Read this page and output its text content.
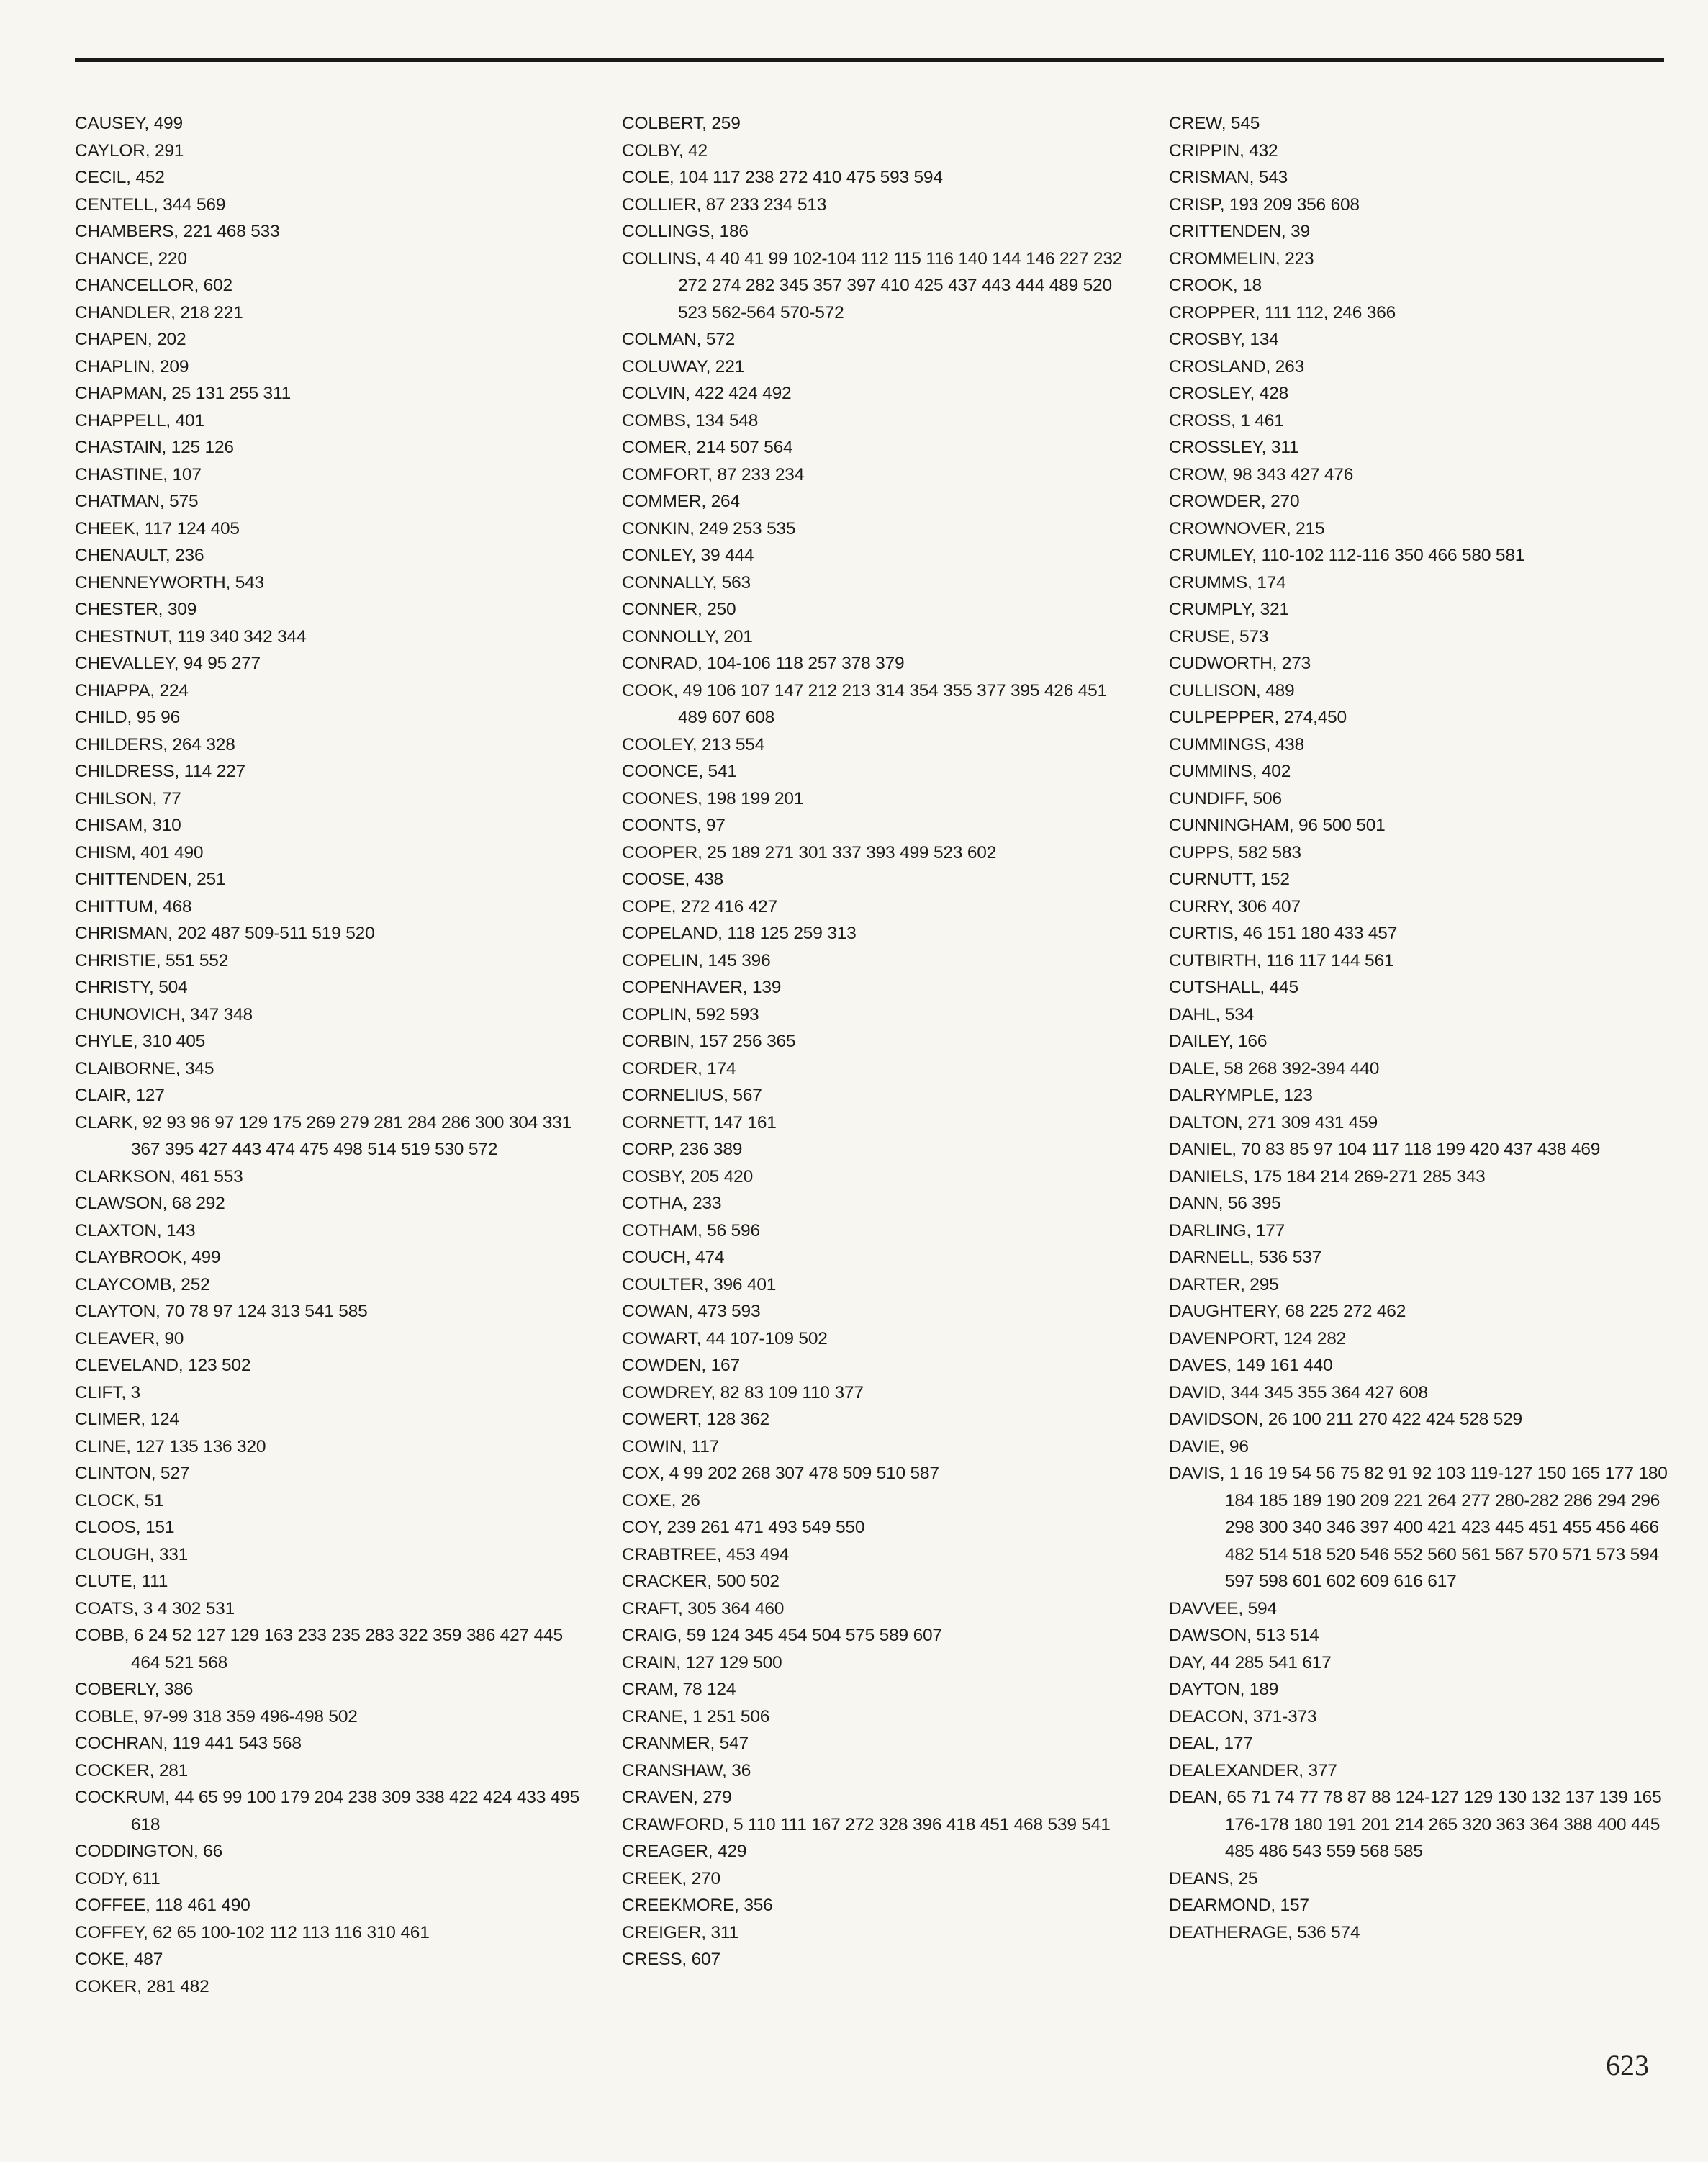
CAUSEY, 499
CAYLOR, 291
CECIL, 452
CENTELL, 344 569
CHAMBERS, 221 468 533
CHANCE, 220
CHANCELLOR, 602
CHANDLER, 218 221
CHAPEN, 202
CHAPLIN, 209
CHAPMAN, 25 131 255 311
CHAPPELL, 401
CHASTAIN, 125 126
CHASTINE, 107
CHATMAN, 575
CHEEK, 117 124 405
CHENAULT, 236
CHENNEYWORTH, 543
CHESTER, 309
CHESTNUT, 119 340 342 344
CHEVALLEY, 94 95 277
CHIAPPA, 224
CHILD, 95 96
CHILDERS, 264 328
CHILDRESS, 114 227
CHILSON, 77
CHISAM, 310
CHISM, 401 490
CHITTENDEN, 251
CHITTUM, 468
CHRISMAN, 202 487 509-511 519 520
CHRISTIE, 551 552
CHRISTY, 504
CHUNOVICH, 347 348
CHYLE, 310 405
CLAIBORNE, 345
CLAIR, 127
CLARK, 92 93 96 97 129 175 269 279 281 284 286 300 304 331 367 395 427 443 474 475 498 514 519 530 572
CLARKSON, 461 553
CLAWSON, 68 292
CLAXTON, 143
CLAYBROOK, 499
CLAYCOMB, 252
CLAYTON, 70 78 97 124 313 541 585
CLEAVER, 90
CLEVELAND, 123 502
CLIFT, 3
CLIMER, 124
CLINE, 127 135 136 320
CLINTON, 527
CLOCK, 51
CLOOS, 151
CLOUGH, 331
CLUTE, 111
COATS, 3 4 302 531
COBB, 6 24 52 127 129 163 233 235 283 322 359 386 427 445 464 521 568
COBERLY, 386
COBLE, 97-99 318 359 496-498 502
COCHRAN, 119 441 543 568
COCKER, 281
COCKRUM, 44 65 99 100 179 204 238 309 338 422 424 433 495 618
CODDINGTON, 66
CODY, 611
COFFEE, 118 461 490
COFFEY, 62 65 100-102 112 113 116 310 461
COKE, 487
COKER, 281 482
COLBERT, 259
COLBY, 42
COLE, 104 117 238 272 410 475 593 594
COLLIER, 87 233 234 513
COLLINGS, 186
COLLINS, 4 40 41 99 102-104 112 115 116 140 144 146 227 232 272 274 282 345 357 397 410 425 437 443 444 489 520 523 562-564 570-572
COLMAN, 572
COLUWAY, 221
COLVIN, 422 424 492
COMBS, 134 548
COMER, 214 507 564
COMFORT, 87 233 234
COMMER, 264
CONKIN, 249 253 535
CONLEY, 39 444
CONNALLY, 563
CONNER, 250
CONNOLLY, 201
CONRAD, 104-106 118 257 378 379
COOK, 49 106 107 147 212 213 314 354 355 377 395 426 451 489 607 608
COOLEY, 213 554
COONCE, 541
COONES, 198 199 201
COONTS, 97
COOPER, 25 189 271 301 337 393 499 523 602
COOSE, 438
COPE, 272 416 427
COPELAND, 118 125 259 313
COPELIN, 145 396
COPENHAVER, 139
COPLIN, 592 593
CORBIN, 157 256 365
CORDER, 174
CORNELIUS, 567
CORNETT, 147 161
CORP, 236 389
COSBY, 205 420
COTHA, 233
COTHAM, 56 596
COUCH, 474
COULTER, 396 401
COWAN, 473 593
COWART, 44 107-109 502
COWDEN, 167
COWDREY, 82 83 109 110 377
COWERT, 128 362
COWIN, 117
COX, 4 99 202 268 307 478 509 510 587
COXE, 26
COY, 239 261 471 493 549 550
CRABTREE, 453 494
CRACKER, 500 502
CRAFT, 305 364 460
CRAIG, 59 124 345 454 504 575 589 607
CRAIN, 127 129 500
CRAM, 78 124
CRANE, 1 251 506
CRANMER, 547
CRANSHAW, 36
CRAVEN, 279
CRAWFORD, 5 110 111 167 272 328 396 418 451 468 539 541
CREAGER, 429
CREEK, 270
CREEKMORE, 356
CREIGER, 311
CRESS, 607
CREW, 545
CRIPPIN, 432
CRISMAN, 543
CRISP, 193 209 356 608
CRITTENDEN, 39
CROMMELIN, 223
CROOK, 18
CROPPER, 111 112, 246 366
CROSBY, 134
CROSLAND, 263
CROSLEY, 428
CROSS, 1 461
CROSSLEY, 311
CROW, 98 343 427 476
CROWDER, 270
CROWNOVER, 215
CRUMLEY, 110-102 112-116 350 466 580 581
CRUMMS, 174
CRUMPLY, 321
CRUSE, 573
CUDWORTH, 273
CULLISON, 489
CULPEPPER, 274,450
CUMMINGS, 438
CUMMINS, 402
CUNDIFF, 506
CUNNINGHAM, 96 500 501
CUPPS, 582 583
CURNUTT, 152
CURRY, 306 407
CURTIS, 46 151 180 433 457
CUTBIRTH, 116 117 144 561
CUTSHALL, 445
DAHL, 534
DAILEY, 166
DALE, 58 268 392-394 440
DALRYMPLE, 123
DALTON, 271 309 431 459
DANIEL, 70 83 85 97 104 117 118 199 420 437 438 469
DANIELS, 175 184 214 269-271 285 343
DANN, 56 395
DARLING, 177
DARNELL, 536 537
DARTER, 295
DAUGHTERY, 68 225 272 462
DAVENPORT, 124 282
DAVES, 149 161 440
DAVID, 344 345 355 364 427 608
DAVIDSON, 26 100 211 270 422 424 528 529
DAVIE, 96
DAVIS, 1 16 19 54 56 75 82 91 92 103 119-127 150 165 177 180 184 185 189 190 209 221 264 277 280-282 286 294 296 298 300 340 346 397 400 421 423 445 451 455 456 466 482 514 518 520 546 552 560 561 567 570 571 573 594 597 598 601 602 609 616 617
DAVVEE, 594
DAWSON, 513 514
DAY, 44 285 541 617
DAYTON, 189
DEACON, 371-373
DEAL, 177
DEALEXANDER, 377
DEAN, 65 71 74 77 78 87 88 124-127 129 130 132 137 139 165 176-178 180 191 201 214 265 320 363 364 388 400 445 485 486 543 559 568 585
DEANS, 25
DEARMOND, 157
DEATHERAGE, 536 574
623
